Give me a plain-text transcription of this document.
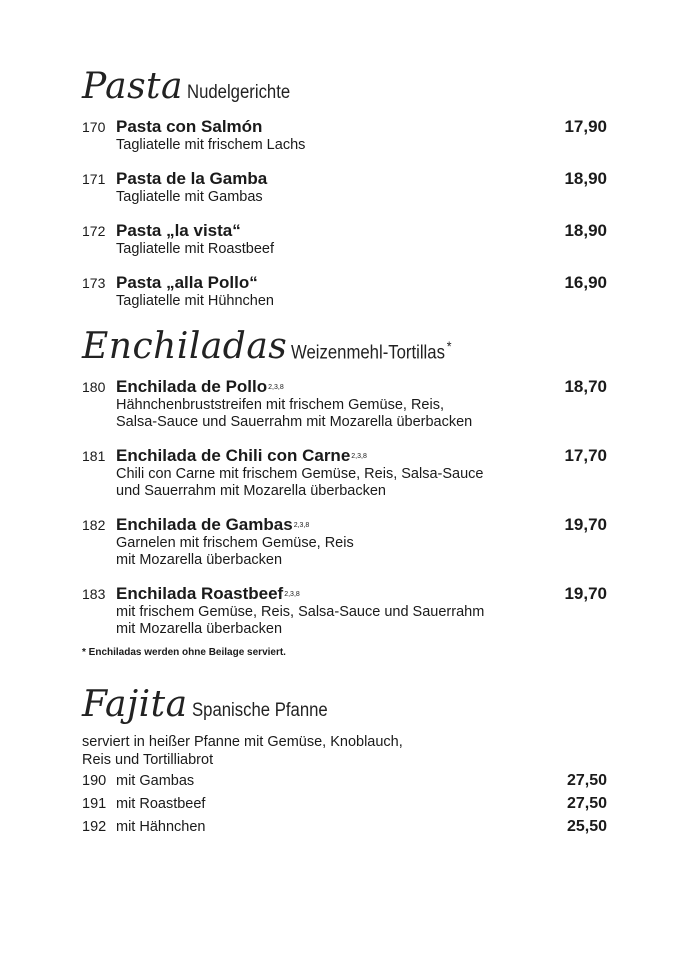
Pasta Nudelgerichte
170 Pasta con Salmón
Tagliatelle mit frischem Lachs
17,90
171 Pasta de la Gamba
Tagliatelle mit Gambas
18,90
172 Pasta „la vista“
Tagliatelle mit Roastbeef
18,90
173 Pasta „alla Pollo“
Tagliatelle mit Hühnchen
16,90
Enchiladas Weizenmehl-Tortillas *
180 Enchilada de Pollo 2,3,8
Hähnchenbruststreifen mit frischem Gemüse, Reis,
Salsa-Sauce und Sauerrahm mit Mozarella überbacken
18,70
181 Enchilada de Chili con Carne 2,3,8
Chili con Carne mit frischem Gemüse, Reis, Salsa-Sauce
und Sauerrahm mit Mozarella überbacken
17,70
182 Enchilada de Gambas 2,3,8
Garnelen mit frischem Gemüse, Reis
mit Mozarella überbacken
19,70
183 Enchilada Roastbeef 2,3,8
mit frischem Gemüse, Reis, Salsa-Sauce und Sauerrahm
mit Mozarella überbacken
19,70
* Enchiladas werden ohne Beilage serviert.
Fajita Spanische Pfanne
serviert in heißer Pfanne mit Gemüse, Knoblauch,
Reis und Tortilliabrot
190 mit Gambas	27,50
191 mit Roastbeef	27,50
192 mit Hähnchen	25,50
